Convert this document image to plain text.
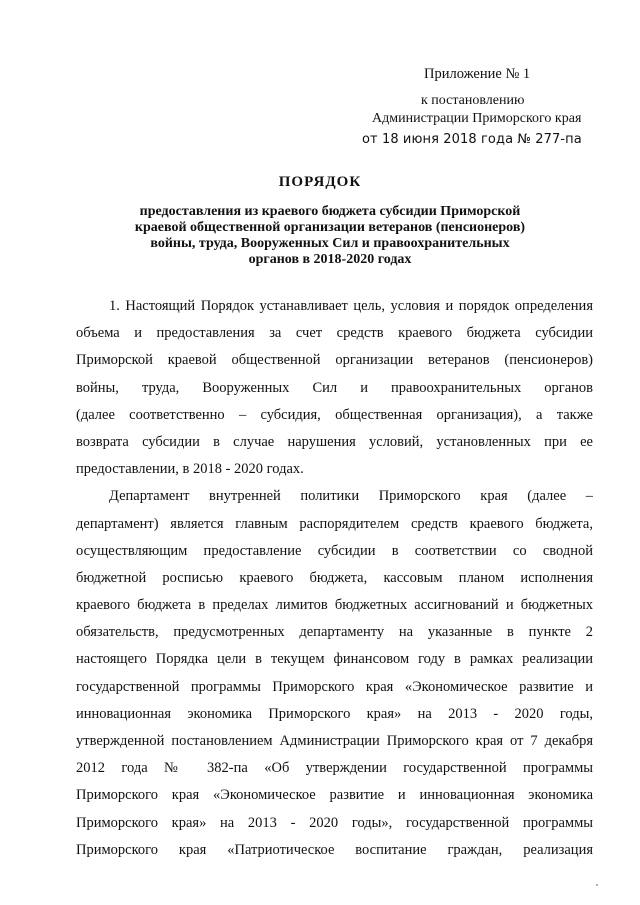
Приложение № 1
к постановлению
Администрации Приморского края
от 18 июня 2018 года № 277-па
ПОРЯДОК
предоставления из краевого бюджета субсидии Приморской
краевой общественной организации ветеранов (пенсионеров)
войны, труда, Вооруженных Сил и правоохранительных
органов в 2018-2020 годах
1. Настоящий Порядок устанавливает цель, условия и порядок определения
объема и предоставления за счет средств краевого бюджета субсидии
Приморской краевой общественной организации ветеранов (пенсионеров)
войны, труда, Вооруженных Сил и правоохранительных органов
(далее соответственно – субсидия, общественная организация), а также
возврата субсидии в случае нарушения условий, установленных при ее
предоставлении, в 2018 - 2020 годах.
Департамент внутренней политики Приморского края (далее –
департамент) является главным распорядителем средств краевого бюджета,
осуществляющим предоставление субсидии в соответствии со сводной
бюджетной росписью краевого бюджета, кассовым планом исполнения
краевого бюджета в пределах лимитов бюджетных ассигнований и бюджетных
обязательств, предусмотренных департаменту на указанные в пункте 2
настоящего Порядка цели в текущем финансовом году в рамках реализации
государственной программы Приморского края «Экономическое развитие и
инновационная экономика Приморского края» на 2013 - 2020 годы,
утвержденной постановлением Администрации Приморского края от 7 декабря
2012 года № 382-па «Об утверждении государственной программы
Приморского края «Экономическое развитие и инновационная экономика
Приморского края» на 2013 - 2020 годы», государственной программы
Приморского края «Патриотическое воспитание граждан, реализация
